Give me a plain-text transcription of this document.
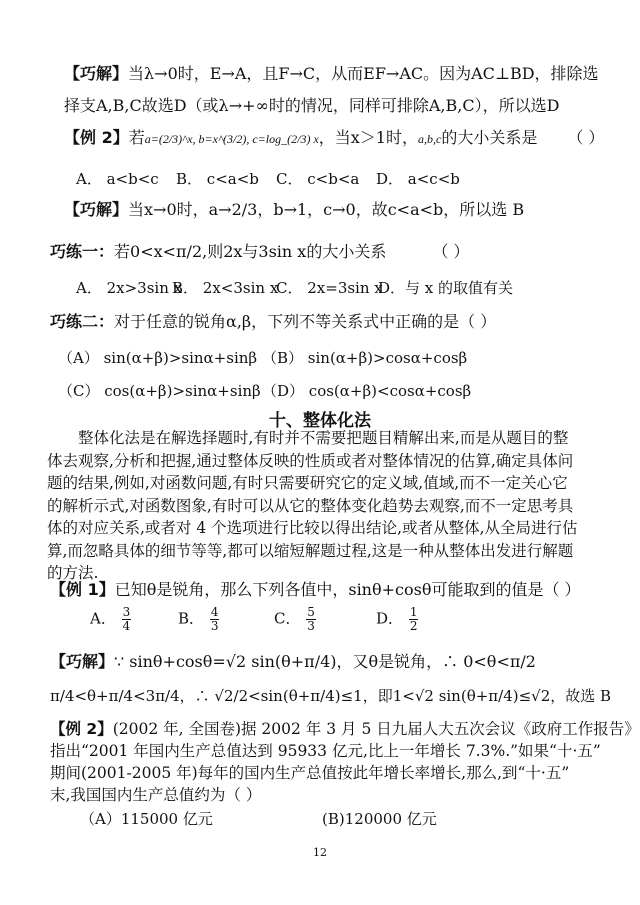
【巧解】当λ→0时，E→A，且F→C，从而EF→AC。因为AC⊥BD，排除选
择支A,B,C故选D（或λ→+∞时的情况，同样可排除A,B,C），所以选D
【例 2】若a=(2/3)^x, b=x^(3/2), c=log_(2/3) x，当x＞1时，a,b,c的大小关系是 （ ）
A． a<b<c B． c<a<b C． c<b<a D． a<c<b
【巧解】当x→0时，a→2/3，b→1，c→0，故c<a<b，所以选 B
巧练一：若0<x<π/2,则2x与3sin x的大小关系	（ ）
A． 2x>3sin x
B． 2x<3sin x
C． 2x=3sin x
D．与 x 的取值有关
巧练二：对于任意的锐角α,β，下列不等关系式中正确的是（ ）
（A） sin(α+β)>sinα+sinβ （B） sin(α+β)>cosα+cosβ
（C） cos(α+β)>sinα+sinβ （D） cos(α+β)<cosα+cosβ
十、整体化法
　　整体化法是在解选择题时,有时并不需要把题目精解出来,而是从题目的整
体去观察,分析和把握,通过整体反映的性质或者对整体情况的估算,确定具体问
题的结果,例如,对函数问题,有时只需要研究它的定义域,值域,而不一定关心它
的解析示式,对函数图象,有时可以从它的整体变化趋势去观察,而不一定思考具
体的对应关系,或者对 4 个选项进行比较以得出结论,或者从整体,从全局进行估
算,而忽略具体的细节等等,都可以缩短解题过程,这是一种从整体出发进行解题
的方法.
【例 1】已知θ是锐角，那么下列各值中，sinθ+cosθ可能取到的值是（ ）
A． $\frac{3}{4}$	B． $\frac{4}{3}$	C． $\frac{5}{3}$	D． $\frac{1}{2}$
【巧解】∵ sinθ+cosθ=√2 sin(θ+π/4)，又θ是锐角，∴ 0<θ<π/2
π/4<θ+π/4<3π/4，∴ √2/2<sin(θ+π/4)≤1，即1<√2 sin(θ+π/4)≤√2，故选 B
【例 2】(2002 年, 全国卷)据 2002 年 3 月 5 日九届人大五次会议《政府工作报告》
指出“2001 年国内生产总值达到 95933 亿元,比上一年增长 7.3%.”如果“十·五”
期间(2001-2005 年)每年的国内生产总值按此年增长率增长,那么,到“十·五”
末,我国国内生产总值约为（ ）
（A）115000 亿元	(B)120000 亿元
12
